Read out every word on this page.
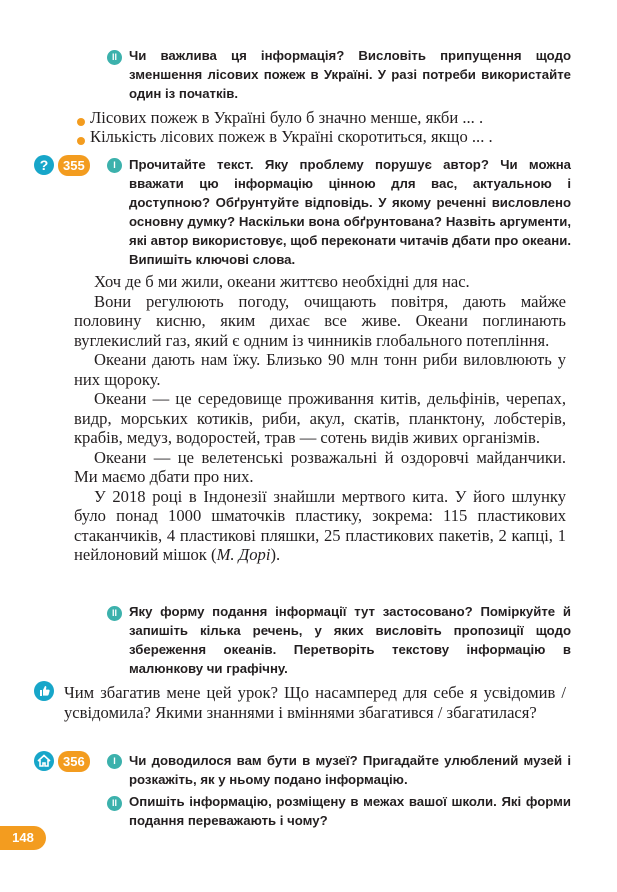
II Чи важлива ця інформація? Висловіть припущення щодо зменшення лісових пожеж в Україні. У разі потреби використайте один із початків.
Лісових пожеж в Україні було б значно менше, якби ... .
Кількість лісових пожеж в Україні скоротиться, якщо ... .
?	355	I	Прочитайте текст. Яку проблему порушує автор? Чи можна вважати цю інформацію цінною для вас, актуальною і доступною? Обґрунтуйте відповідь. У якому реченні висловлено основну думку? Наскільки вона обґрунтована? Назвіть аргументи, які автор використовує, щоб переконати читачів дбати про океани. Випишіть ключові слова.

Хоч де б ми жили, океани життєво необхідні для нас.

Вони регулюють погоду, очищають повітря, дають майже половину кисню, яким дихає все живе. Океани поглинають вуглекислий газ, який є одним із чинників глобального потепління.

Океани дають нам їжу. Близько 90 млн тонн риби виловлюють у них щороку.

Океани — це середовище проживання китів, дельфінів, черепах, видр, морських котиків, риби, акул, скатів, планктону, лобстерів, крабів, медуз, водоростей, трав — сотень видів живих організмів.

Океани — це велетенські розважальні й оздоровчі майданчики. Ми маємо дбати про них.

У 2018 році в Індонезії знайшли мертвого кита. У його шлунку було понад 1000 шматочків пластику, зокрема: 115 пластикових стаканчиків, 4 пластикові пляшки, 25 пластикових пакетів, 2 капці, 1 нейлоновий мішок (М. Дорі).

II Яку форму подання інформації тут застосовано? Поміркуйте й запишіть кілька речень, у яких висловіть пропозиції щодо збереження океанів. Перетворіть текстову інформацію в малюнкову чи графічну.
Чим збагатив мене цей урок? Що насамперед для себе я усвідомив / усвідомила? Якими знаннями і вміннями збагатився / збагатилася?
356	I	Чи доводилося вам бути в музеї? Пригадайте улюблений музей і розкажіть, як у ньому подано інформацію.
II Опишіть інформацію, розміщену в межах вашої школи. Які форми подання переважають і чому?
148
